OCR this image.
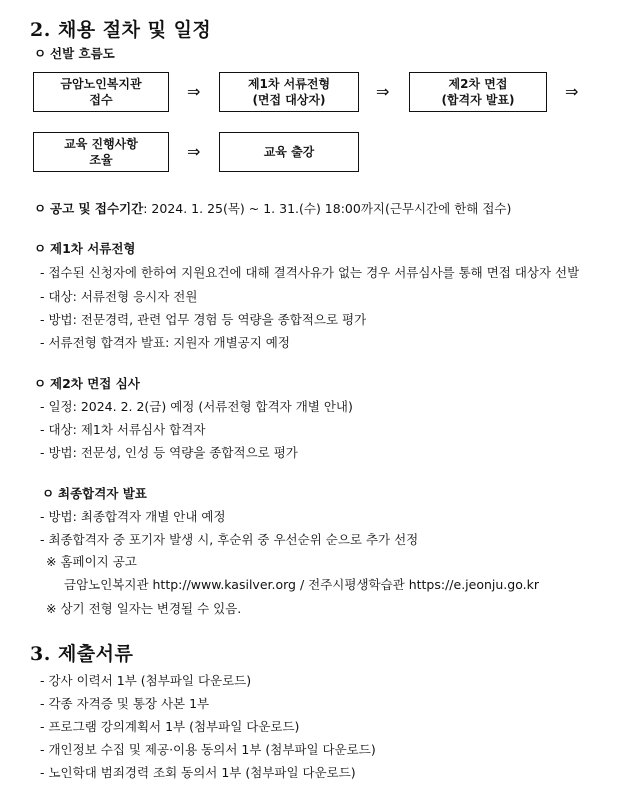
2. 채용 절차 및 일정
ㅇ 선발 흐름도
금암노인복지관
접수	⇒	제1차 서류전형
(면접 대상자)	⇒	제2차 면접
(합격자 발표)	⇒
교육 진행사항
조율	⇒	교육 출강
ㅇ 공고 및 접수기간: 2024. 1. 25(목) ~ 1. 31.(수) 18:00까지(근무시간에 한해 접수)
ㅇ 제1차 서류전형
- 접수된 신청자에 한하여 지원요건에 대해 결격사유가 없는 경우 서류심사를 통해 면접 대상자 선발
- 대상: 서류전형 응시자 전원
- 방법: 전문경력, 관련 업무 경험 등 역량을 종합적으로 평가
- 서류전형 합격자 발표: 지원자 개별공지 예정
ㅇ 제2차 면접 심사
- 일정: 2024. 2. 2(금) 예정 (서류전형 합격자 개별 안내)
- 대상: 제1차 서류심사 합격자
- 방법: 전문성, 인성 등 역량을 종합적으로 평가
ㅇ 최종합격자 발표
- 방법: 최종합격자 개별 안내 예정
- 최종합격자 중 포기자 발생 시, 후순위 중 우선순위 순으로 추가 선정
※ 홈페이지 공고
금암노인복지관 http://www.kasilver.org / 전주시평생학습관 https://e.jeonju.go.kr
※ 상기 전형 일자는 변경될 수 있음.
3. 제출서류
- 강사 이력서 1부 (첨부파일 다운로드)
- 각종 자격증 및 통장 사본 1부
- 프로그램 강의계획서 1부 (첨부파일 다운로드)
- 개인정보 수집 및 제공·이용 동의서 1부 (첨부파일 다운로드)
- 노인학대 범죄경력 조회 동의서 1부 (첨부파일 다운로드)
